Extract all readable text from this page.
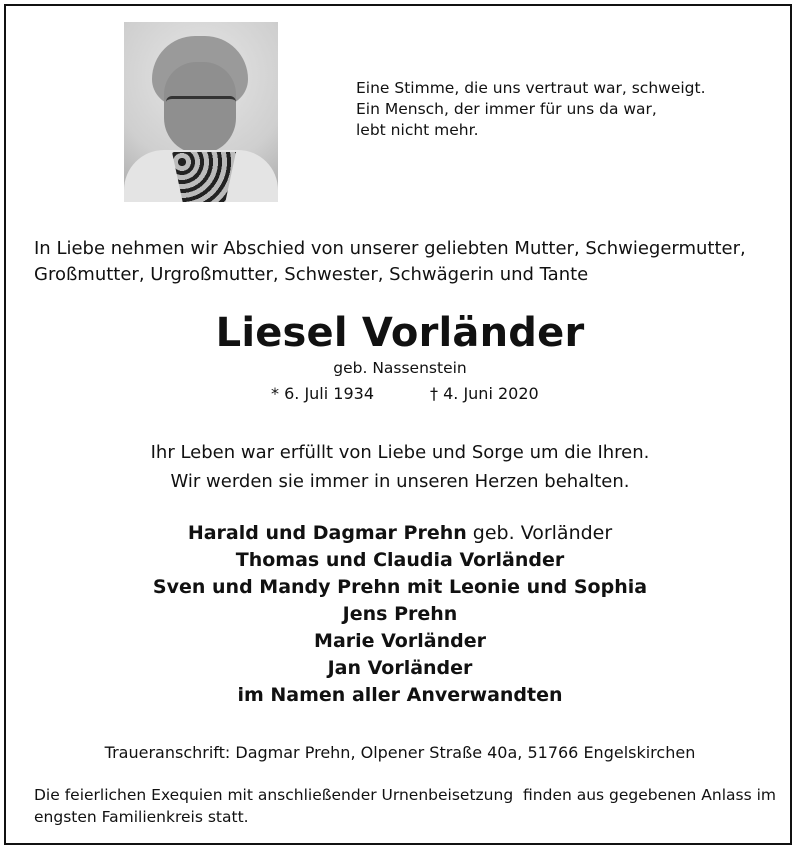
Eine Stimme, die uns vertraut war, schweigt.
Ein Mensch, der immer für uns da war,
lebt nicht mehr.
In Liebe nehmen wir Abschied von unserer geliebten Mutter, Schwiegermutter,
Großmutter, Urgroßmutter, Schwester, Schwägerin und Tante
Liesel Vorländer
geb. Nassenstein
* 6. Juli 1934	† 4. Juni 2020
Ihr Leben war erfüllt von Liebe und Sorge um die Ihren.
Wir werden sie immer in unseren Herzen behalten.
Harald und Dagmar Prehn geb. Vorländer
Thomas und Claudia Vorländer
Sven und Mandy Prehn mit Leonie und Sophia
Jens Prehn
Marie Vorländer
Jan Vorländer
im Namen aller Anverwandten
Traueranschrift: Dagmar Prehn, Olpener Straße 40a, 51766 Engelskirchen
Die feierlichen Exequien mit anschließender Urnenbeisetzung  finden aus gegebenen Anlass im
engsten Familienkreis statt.
